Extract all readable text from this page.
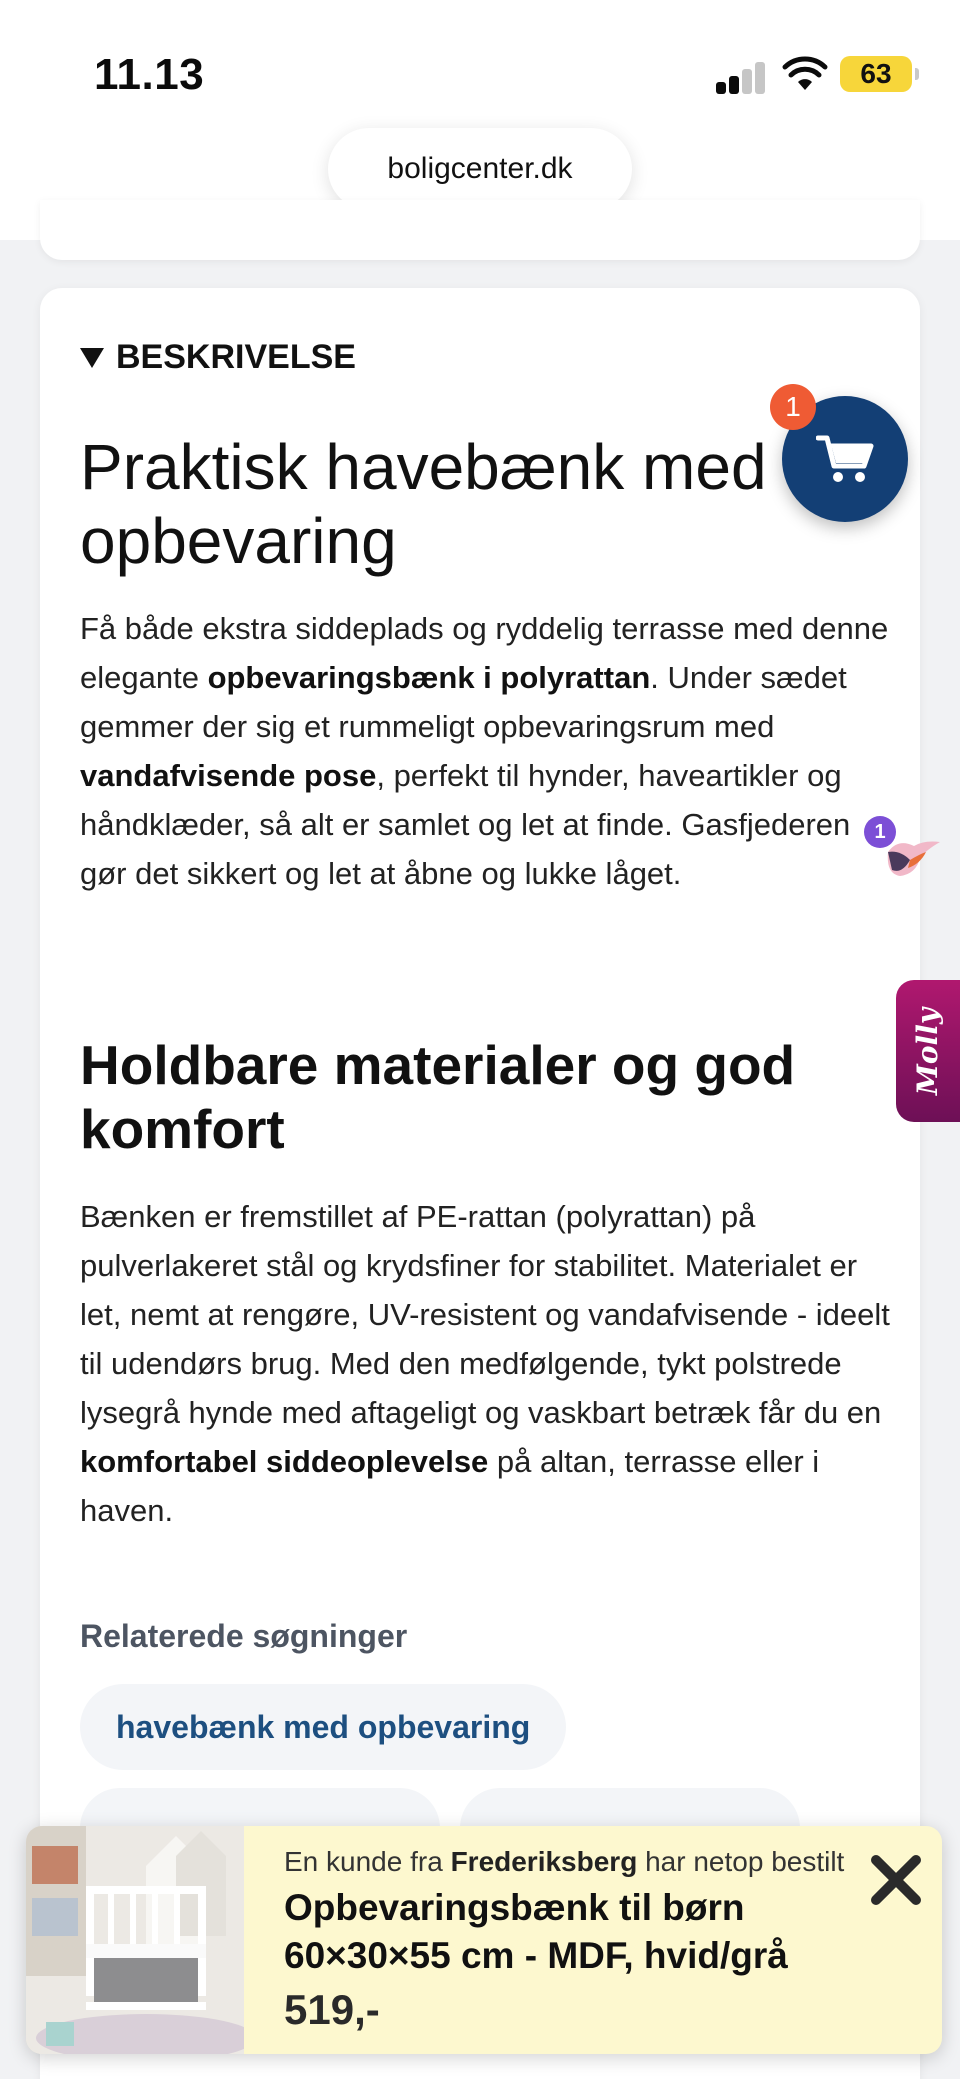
11.13	63
boligcenter.dk
BESKRIVELSE
Praktisk havebænk med
opbevaring

Få både ekstra siddeplads og ryddelig terrasse med denne elegante opbevaringsbænk i polyrattan. Under sædet gemmer der sig et rummeligt opbevaringsrum med vandafvisende pose, perfekt til hynder, haveartikler og håndklæder, så alt er samlet og let at finde. Gasfjederen gør det sikkert og let at åbne og lukke låget.

Holdbare materialer og god
komfort

Bænken er fremstillet af PE-rattan (polyrattan) på pulverlakeret stål og krydsfiner for stabilitet. Materialet er let, nemt at rengøre, UV-resistent og vandafvisende - ideelt til udendørs brug. Med den medfølgende, tykt polstrede lysegrå hynde med aftageligt og vaskbart betræk får du en komfortabel siddeoplevelse på altan, terrasse eller i haven.

Relaterede søgninger
havebænk med opbevaring
1
1
Molly
En kunde fra Frederiksberg har netop bestilt
Opbevaringsbænk til børn
60×30×55 cm - MDF, hvid/grå
519,-
